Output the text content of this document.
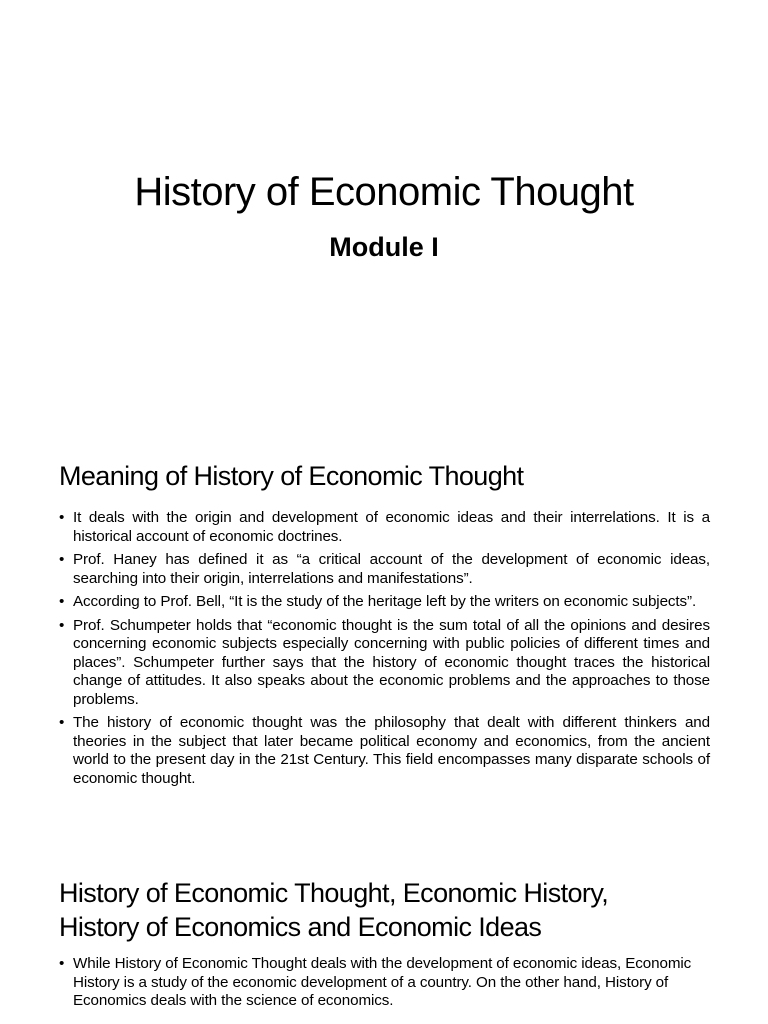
History of Economic Thought
Module I
Meaning of History of Economic Thought
• It deals with the origin and development of economic ideas and their interrelations. It is a historical account of economic doctrines.
• Prof. Haney has defined it as “a critical account of the development of economic ideas, searching into their origin, interrelations and manifestations”.
• According to Prof. Bell, “It is the study of the heritage left by the writers on economic subjects”.
• Prof. Schumpeter holds that “economic thought is the sum total of all the opinions and desires concerning economic subjects especially concerning with public policies of different times and places”. Schumpeter further says that the history of economic thought traces the historical change of attitudes. It also speaks about the economic problems and the approaches to those problems.
• The history of economic thought was the philosophy that dealt with different thinkers and theories in the subject that later became political economy and economics, from the ancient world to the present day in the 21st Century. This field encompasses many disparate schools of economic thought.
History of Economic Thought, Economic History,
History of Economics and Economic Ideas
• While History of Economic Thought deals with the development of economic ideas, Economic History is a study of the economic development of a country. On the other hand, History of Economics deals with the science of economics.
